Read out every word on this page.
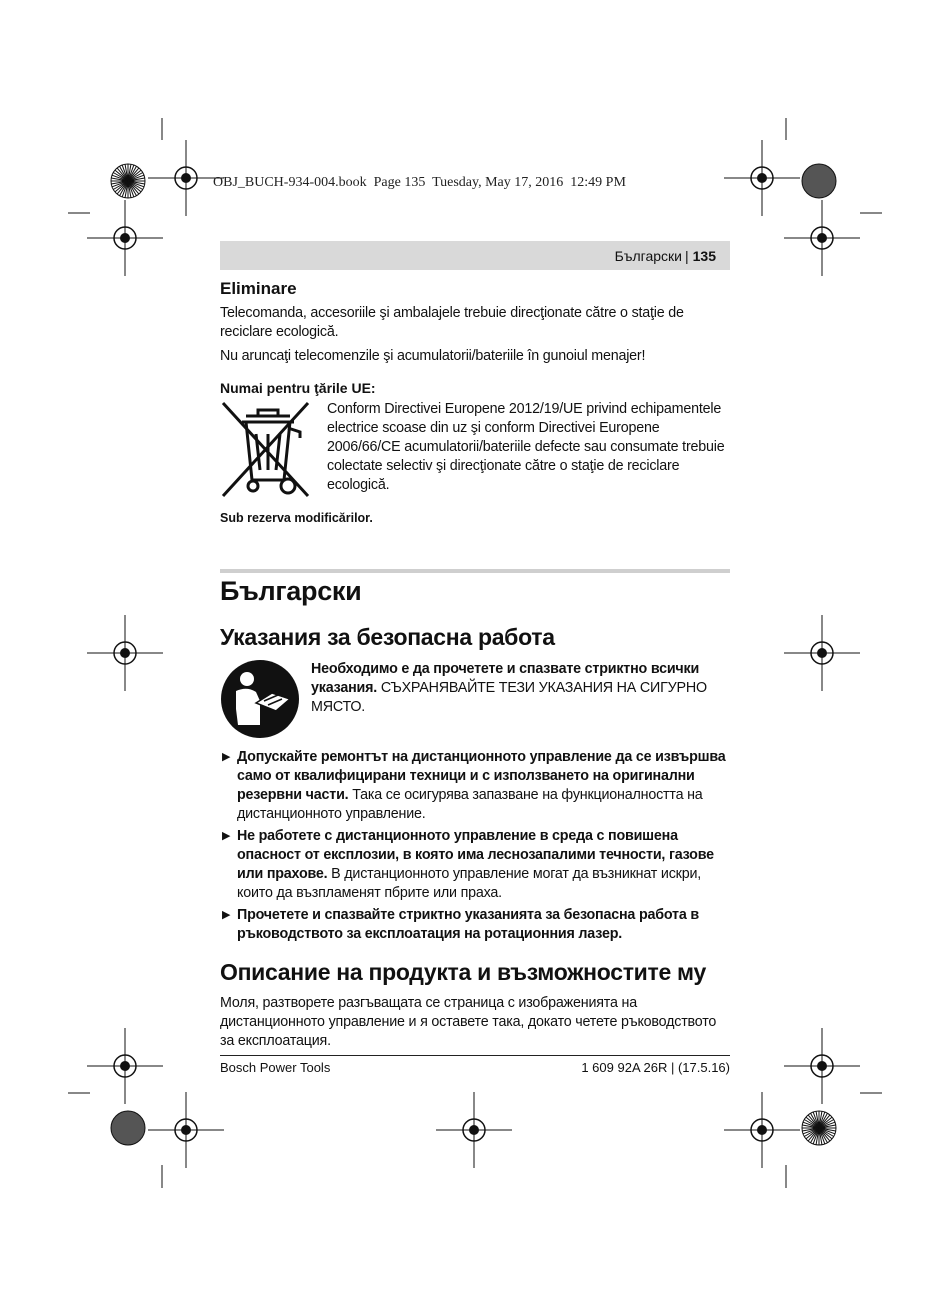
OBJ_BUCH-934-004.book  Page 135  Tuesday, May 17, 2016  12:49 PM
Български | 135
Eliminare

Telecomanda, accesoriile şi ambalajele trebuie direcţionate către o staţie de reciclare ecologică.

Nu aruncaţi telecomenzile şi acumulatorii/bateriile în gunoiul menajer!

Numai pentru ţările UE:

Conform Directivei Europene 2012/19/UE privind echipamentele electrice scoase din uz şi conform Directivei Europene 2006/66/CE acumulatorii/bateriile defecte sau consumate trebuie colectate selectiv şi direcţionate către o staţie de reciclare ecologică.

Sub rezerva modificărilor.
Български
Указания за безопасна работа

Необходимо е да прочетете и спазвате стриктно всички указания. СЪХРАНЯВАЙТЕ ТЕЗИ УКАЗАНИЯ НА СИГУРНО МЯСТО.

▶ Допускайте ремонтът на дистанционното управление да се извършва само от квалифицирани техници и с използването на оригинални резервни части. Така се осигурява запазване на функционалността на дистанционното управление.
▶ Не работете с дистанционното управление в среда с повишена опасност от експлозии, в която има леснозапалими течности, газове или прахове. В дистанционното управление могат да възникнат искри, които да възпламенят пбрите или праха.
▶ Прочетете и спазвайте стриктно указанията за безопасна работа в ръководството за експлоатация на ротационния лазер.
Описание на продукта и възможностите му

Моля, разтворете разгъващата се страница с изображенията на дистанционното управление и я оставете така, докато четете ръководството за експлоатация.

Bosch Power Tools	1 609 92A 26R | (17.5.16)
